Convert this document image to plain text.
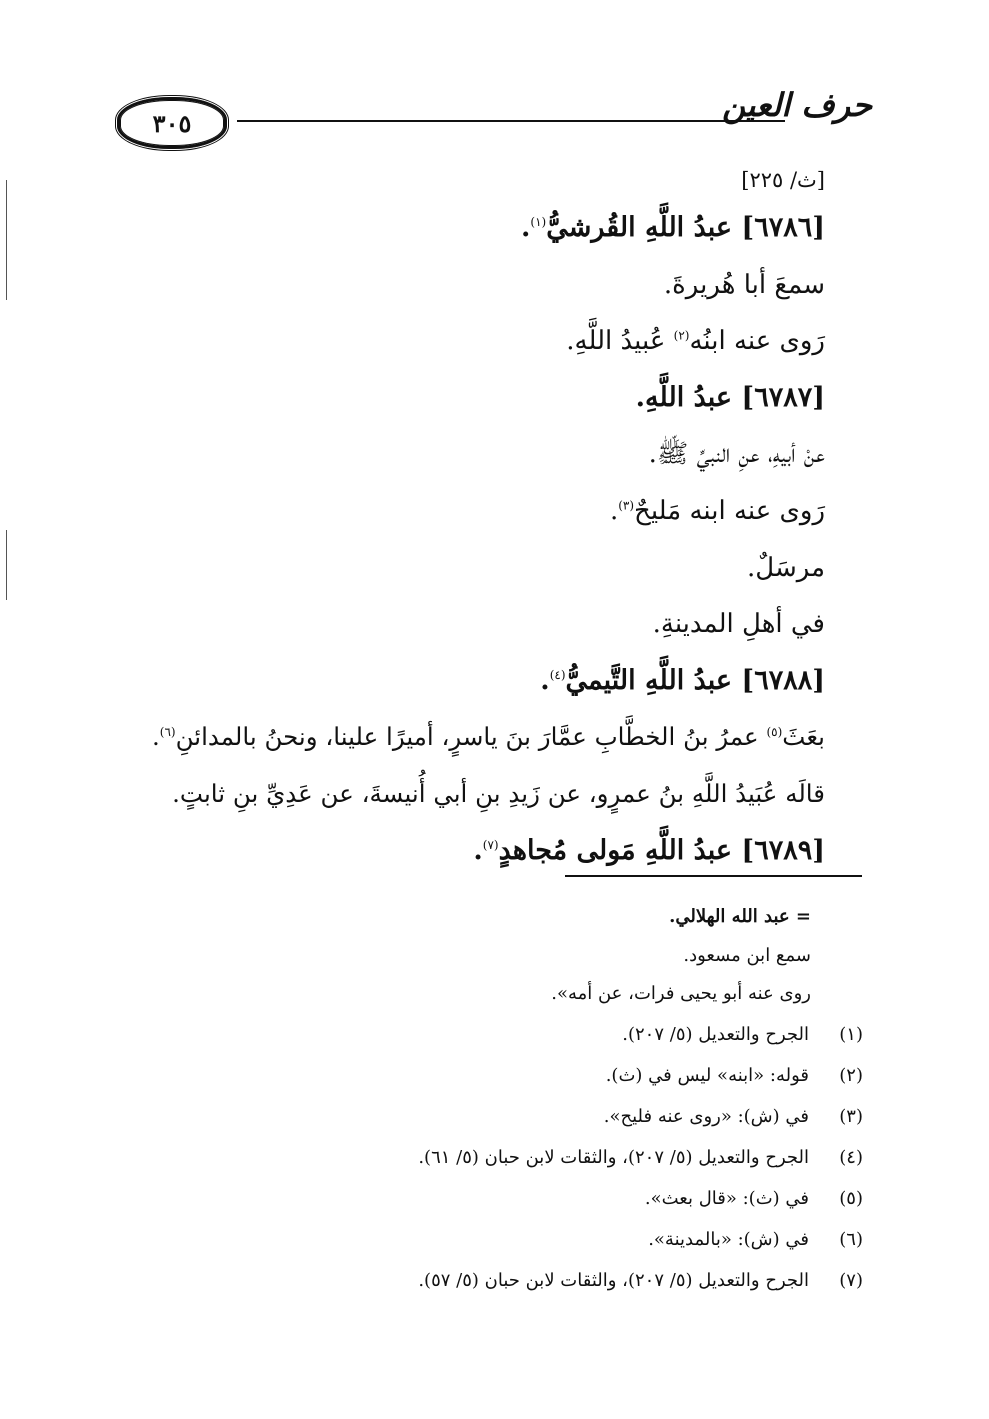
٣٠٥	حرف العين
[ث/ ٢٢٥]
[٦٧٨٦] عبدُ اللَّهِ القُرشيُّ$^{(١)}$.
سمعَ أبا هُريرةَ.
رَوى عنه ابنُه$^{(٢)}$ عُبيدُ اللَّهِ.
[٦٧٨٧] عبدُ اللَّهِ.
عنْ أبيهِ، عنِ النبيِّ ﷺ.
رَوى عنه ابنه مَليحٌ$^{(٣)}$.
مرسَلٌ.
في أهلِ المدينةِ.
[٦٧٨٨] عبدُ اللَّهِ التَّيميُّ$^{(٤)}$.
بعَثَ$^{(٥)}$ عمرُ بنُ الخطَّابِ عمَّارَ بنَ ياسرٍ، أميرًا علينا، ونحنُ بالمدائنِ$^{(٦)}$.
قالَه عُبَيدُ اللَّهِ بنُ عمرٍو، عن زَيدِ بنِ أبي أُنيسةَ، عن عَدِيِّ بنِ ثابتٍ.
[٦٧٨٩] عبدُ اللَّهِ مَولى مُجاهدٍ$^{(٧)}$.
= عبد الله الهلالي.
سمع ابن مسعود.
روى عنه أبو يحيى فرات، عن أمه».
(١)الجرح والتعديل (٥/ ٢٠٧).
(٢)قوله: «ابنه» ليس في (ث).
(٣)في (ش): «روى عنه فليح».
(٤)الجرح والتعديل (٥/ ٢٠٧)، والثقات لابن حبان (٥/ ٦١).
(٥)في (ث): «قال بعث».
(٦)في (ش): «بالمدينة».
(٧)الجرح والتعديل (٥/ ٢٠٧)، والثقات لابن حبان (٥/ ٥٧).
